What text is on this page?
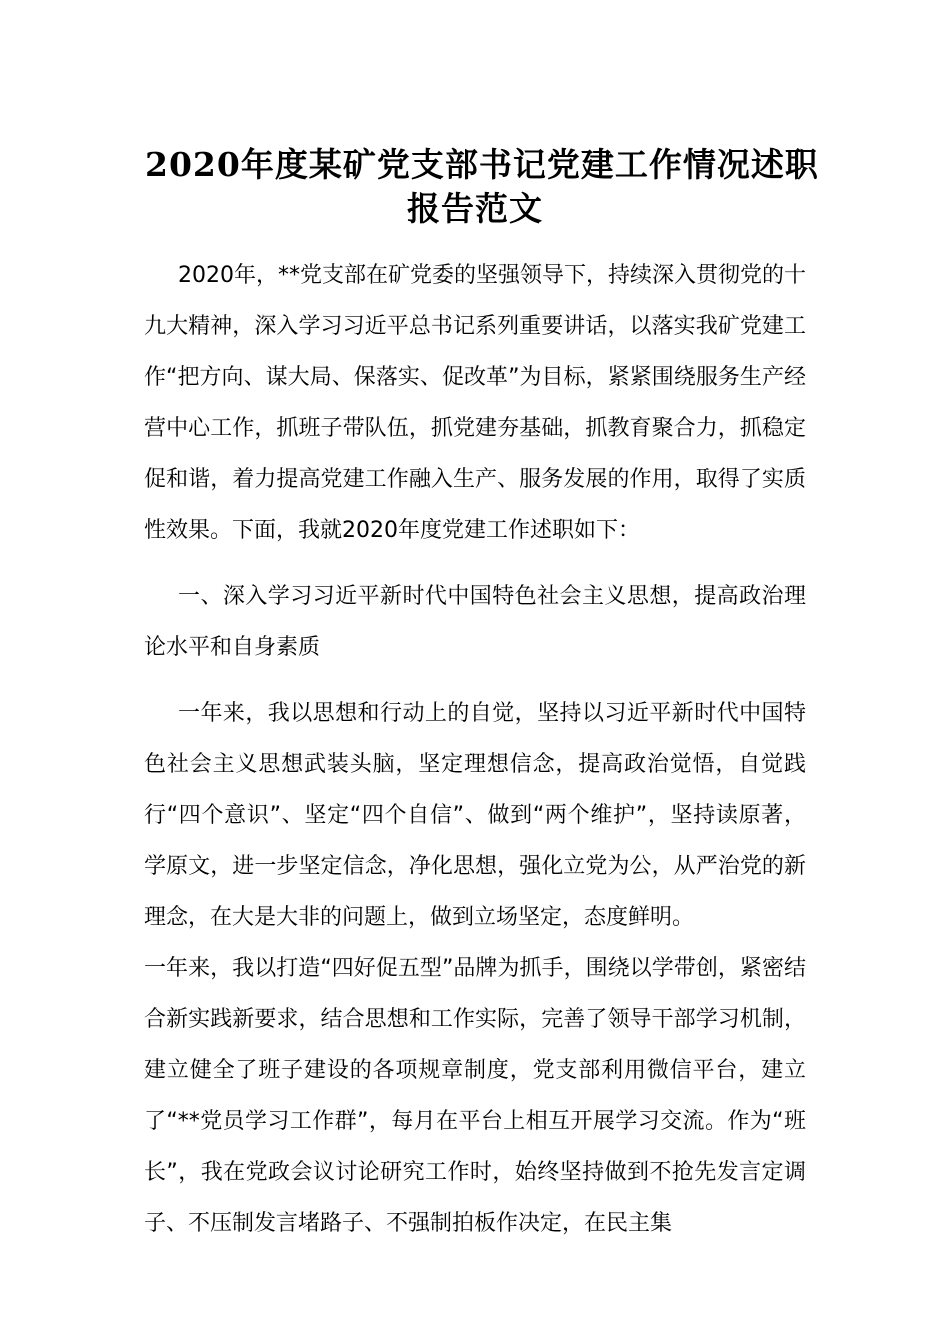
2020年度某矿党支部书记党建工作情况述职
报告范文

2020年，**党支部在矿党委的坚强领导下，持续深入贯彻党的十九大精神，深入学习习近平总书记系列重要讲话，以落实我矿党建工作“把方向、谋大局、保落实、促改革”为目标，紧紧围绕服务生产经营中心工作，抓班子带队伍，抓党建夯基础，抓教育聚合力，抓稳定促和谐，着力提高党建工作融入生产、服务发展的作用，取得了实质性效果。下面，我就2020年度党建工作述职如下：

一、深入学习习近平新时代中国特色社会主义思想，提高政治理论水平和自身素质

一年来，我以思想和行动上的自觉，坚持以习近平新时代中国特色社会主义思想武装头脑，坚定理想信念，提高政治觉悟，自觉践行“四个意识”、坚定“四个自信”、做到“两个维护”，坚持读原著，学原文，进一步坚定信念，净化思想，强化立党为公，从严治党的新理念，在大是大非的问题上，做到立场坚定，态度鲜明。

一年来，我以打造“四好促五型”品牌为抓手，围绕以学带创，紧密结合新实践新要求，结合思想和工作实际，完善了领导干部学习机制，建立健全了班子建设的各项规章制度，党支部利用微信平台，建立了“**党员学习工作群”，每月在平台上相互开展学习交流。作为“班长”，我在党政会议讨论研究工作时，始终坚持做到不抢先发言定调子、不压制发言堵路子、不强制拍板作决定，在民主集
